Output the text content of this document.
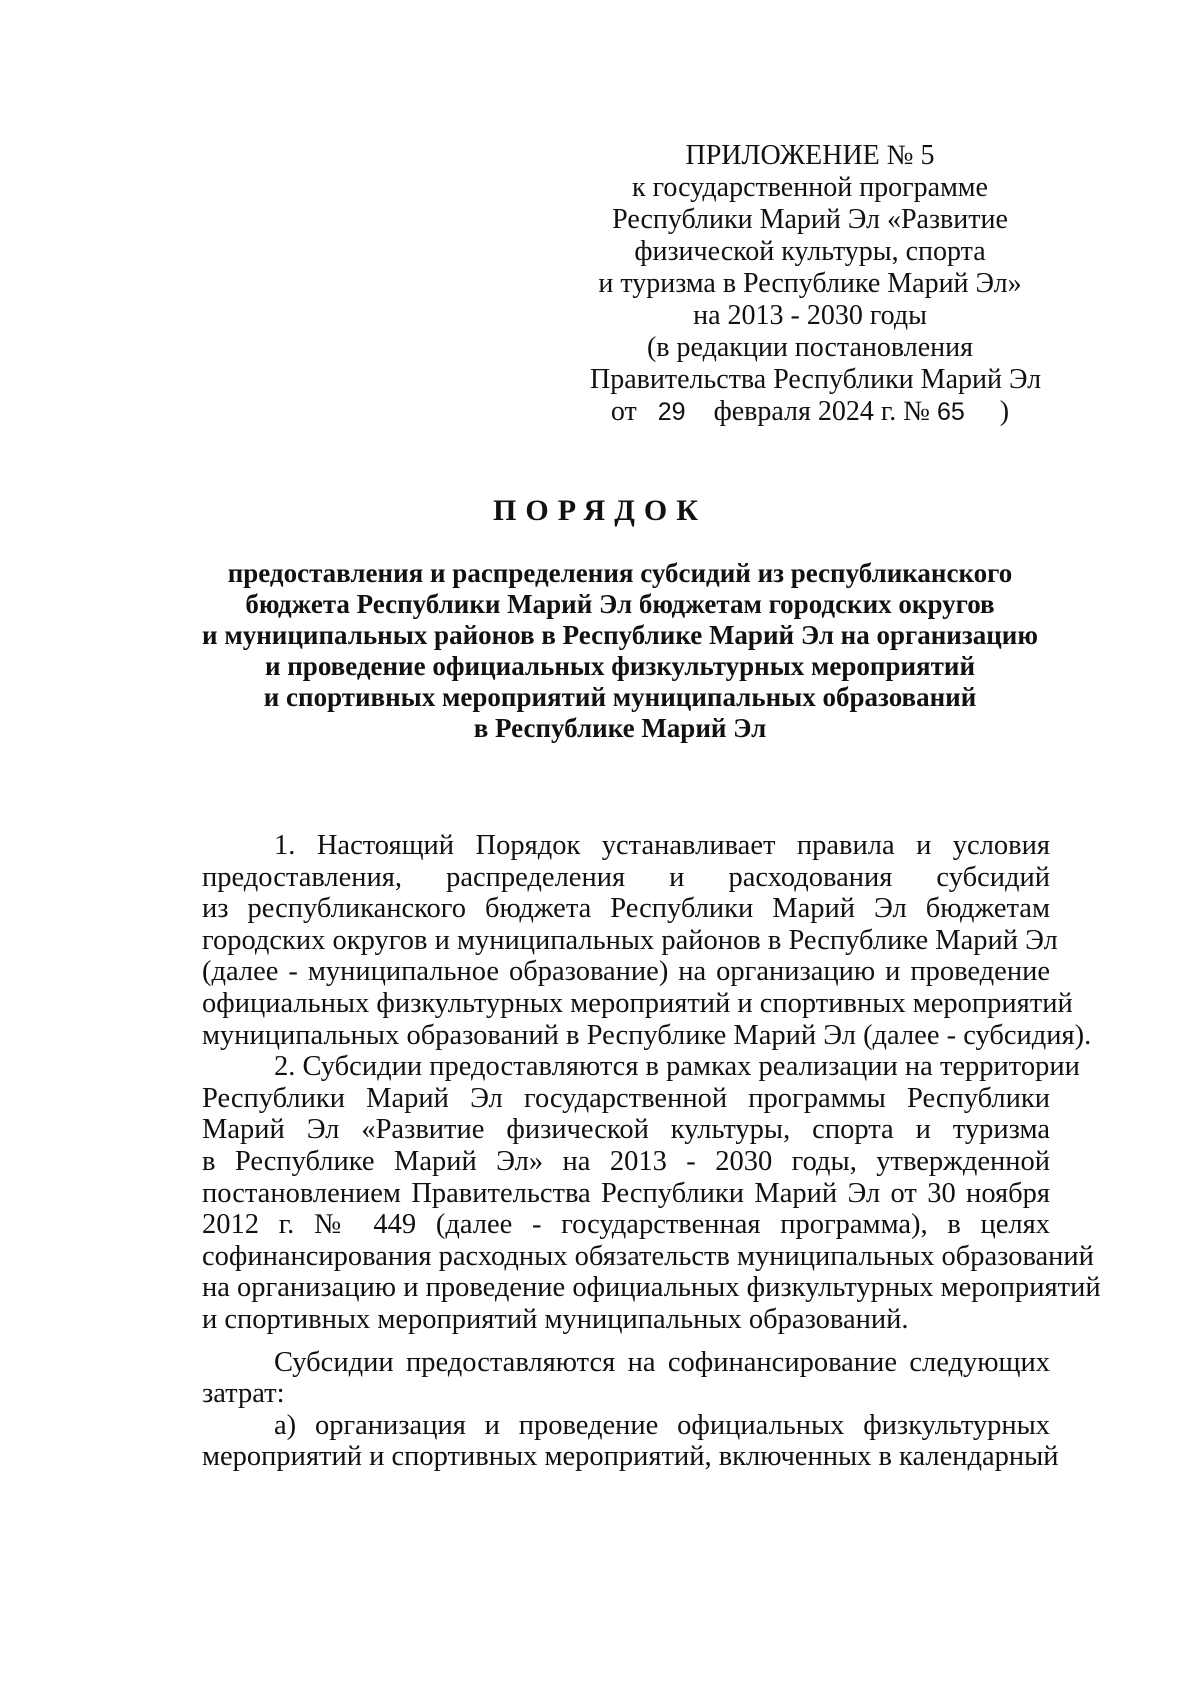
ПРИЛОЖЕНИЕ № 5
к государственной программе
Республики Марий Эл «Развитие
физической культуры, спорта
и туризма в Республике Марий Эл»
на 2013 - 2030 годы
(в редакции постановления
Правительства Республики Марий Эл
от 29 февраля 2024 г. № 65 )
ПОРЯДОК
предоставления и распределения субсидий из республиканского
бюджета Республики Марий Эл бюджетам городских округов
и муниципальных районов в Республике Марий Эл на организацию
и проведение официальных физкультурных мероприятий
и спортивных мероприятий муниципальных образований
в Республике Марий Эл
1. Настоящий Порядок устанавливает правила и условия
предоставления, распределения и расходования субсидий
из республиканского бюджета Республики Марий Эл бюджетам
городских округов и муниципальных районов в Республике Марий Эл
(далее - муниципальное образование) на организацию и проведение
официальных физкультурных мероприятий и спортивных мероприятий
муниципальных образований в Республике Марий Эл (далее - субсидия).
2. Субсидии предоставляются в рамках реализации на территории
Республики Марий Эл государственной программы Республики
Марий Эл «Развитие физической культуры, спорта и туризма
в Республике Марий Эл» на 2013 - 2030 годы, утвержденной
постановлением Правительства Республики Марий Эл от 30 ноября
2012 г. № 449 (далее - государственная программа), в целях
софинансирования расходных обязательств муниципальных образований
на организацию и проведение официальных физкультурных мероприятий
и спортивных мероприятий муниципальных образований.
Субсидии предоставляются на софинансирование следующих
затрат:
а) организация и проведение официальных физкультурных
мероприятий и спортивных мероприятий, включенных в календарный
